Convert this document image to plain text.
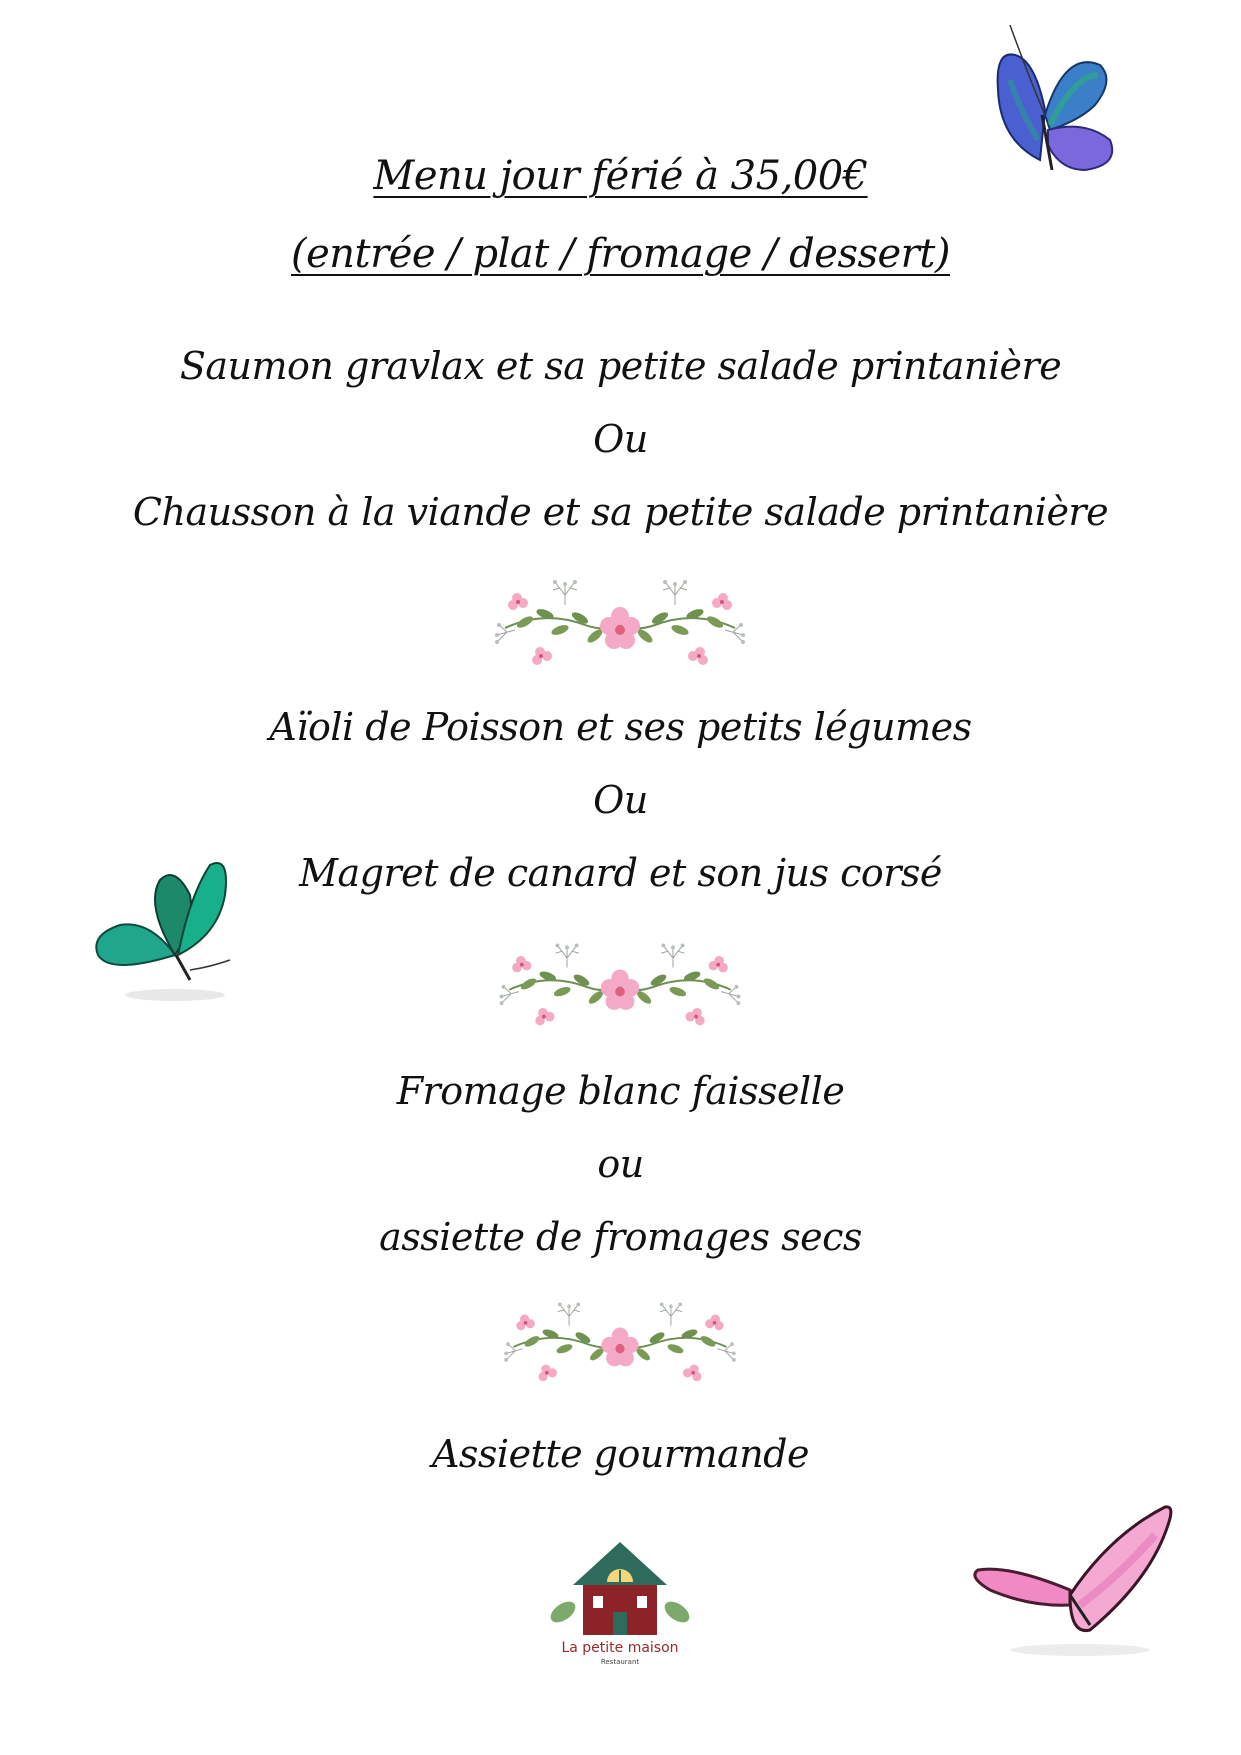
Menu jour férié à 35,00€
(entrée / plat / fromage / dessert)
Saumon gravlax et sa petite salade printanière
Ou
Chausson à la viande et sa petite salade printanière
Aïoli de Poisson et ses petits légumes
Ou
Magret de canard et son jus corsé
Fromage blanc faisselle
ou
assiette de fromages secs
Assiette gourmande
La petite maison
Restaurant
